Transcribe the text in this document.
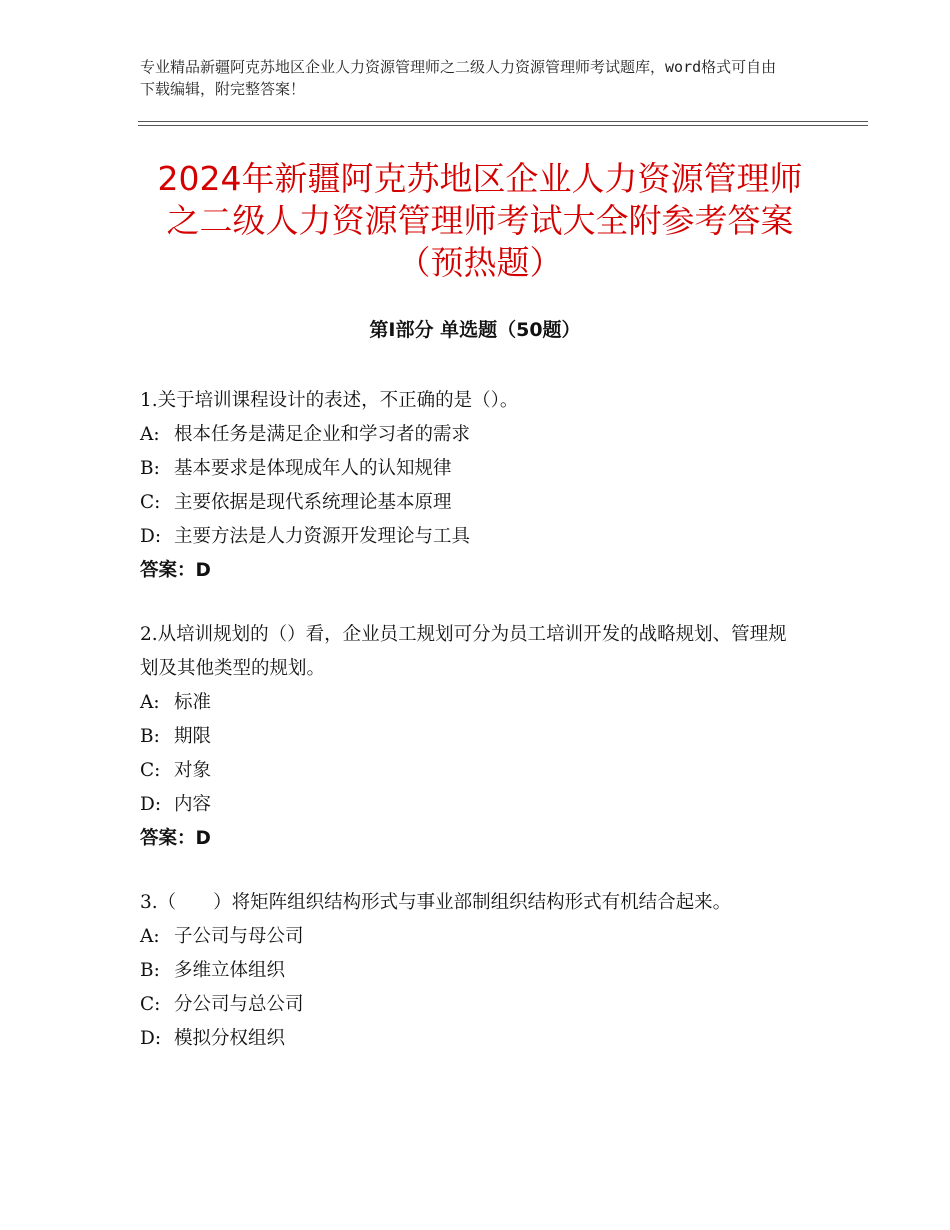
专业精品新疆阿克苏地区企业人力资源管理师之二级人力资源管理师考试题库，word格式可自由下载编辑，附完整答案！
2024年新疆阿克苏地区企业人力资源管理师
之二级人力资源管理师考试大全附参考答案
（预热题）
第Ⅰ部分 单选题（50题）

1.关于培训课程设计的表述，不正确的是（）。

A: 根本任务是满足企业和学习者的需求
B: 基本要求是体现成年人的认知规律
C: 主要依据是现代系统理论基本原理
D: 主要方法是人力资源开发理论与工具

答案：D

2.从培训规划的（）看，企业员工规划可分为员工培训开发的战略规划、管理规划及其他类型的规划。

A: 标准
B: 期限
C: 对象
D: 内容

答案：D

3.（　　）将矩阵组织结构形式与事业部制组织结构形式有机结合起来。

A: 子公司与母公司
B: 多维立体组织
C: 分公司与总公司
D: 模拟分权组织
